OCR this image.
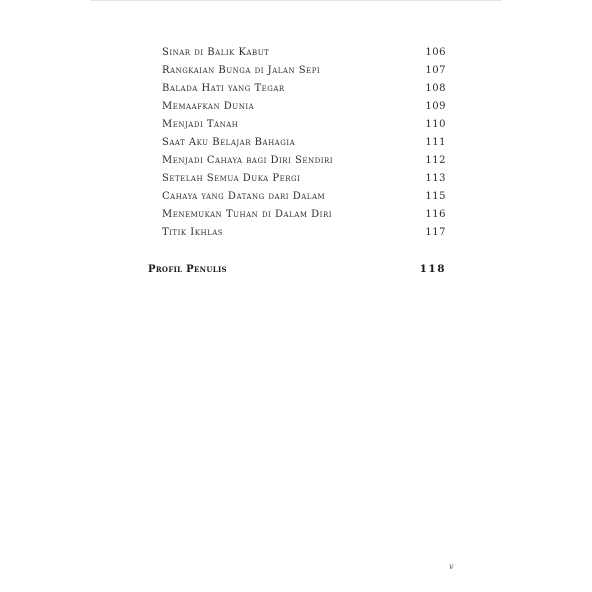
Sinar di Balik Kabut	106
Rangkaian Bunga di Jalan Sepi	107
Balada Hati yang Tegar	108
Memaafkan Dunia	109
Menjadi Tanah	110
Saat Aku Belajar Bahagia	111
Menjadi Cahaya bagi Diri Sendiri	112
Setelah Semua Duka Pergi	113
Cahaya yang Datang dari Dalam	115
Menemukan Tuhan di Dalam Diri	116
Titik Ikhlas	117
Profil Penulis	118
v
